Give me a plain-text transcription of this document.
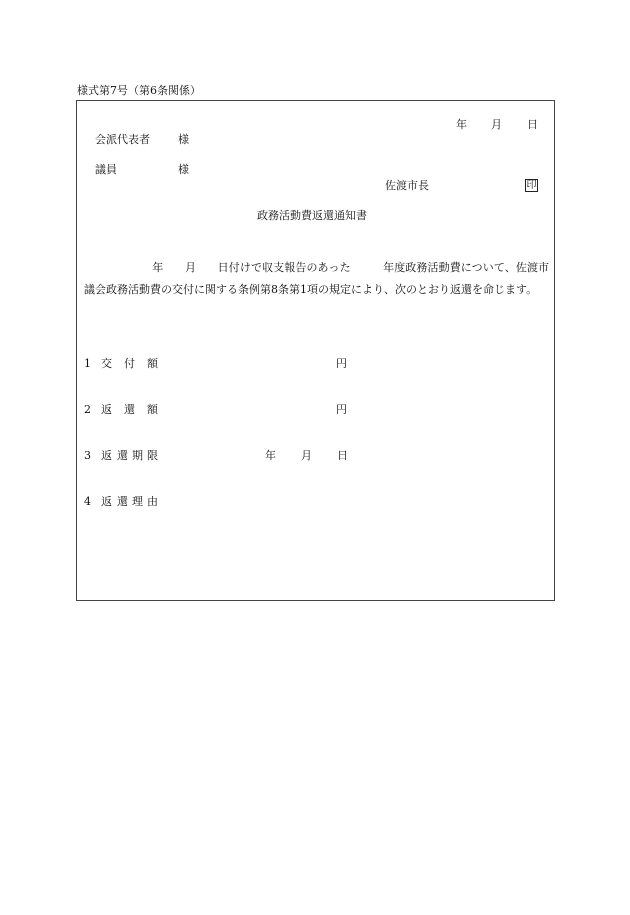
様式第7号（第6条関係）
年 月 日
会派代表者	様
議員	様
佐渡市長	印
政務活動費返還通知書
年 月 日付けで収支報告のあった	年度政務活動費について、佐渡市議会政務活動費の交付に関する条例第8条第1項の規定により、次のとおり返還を命じます。
1 交 付 額	円
2 返 還 額	円
3 返 還 期 限	年 月 日
4 返 還 理 由
